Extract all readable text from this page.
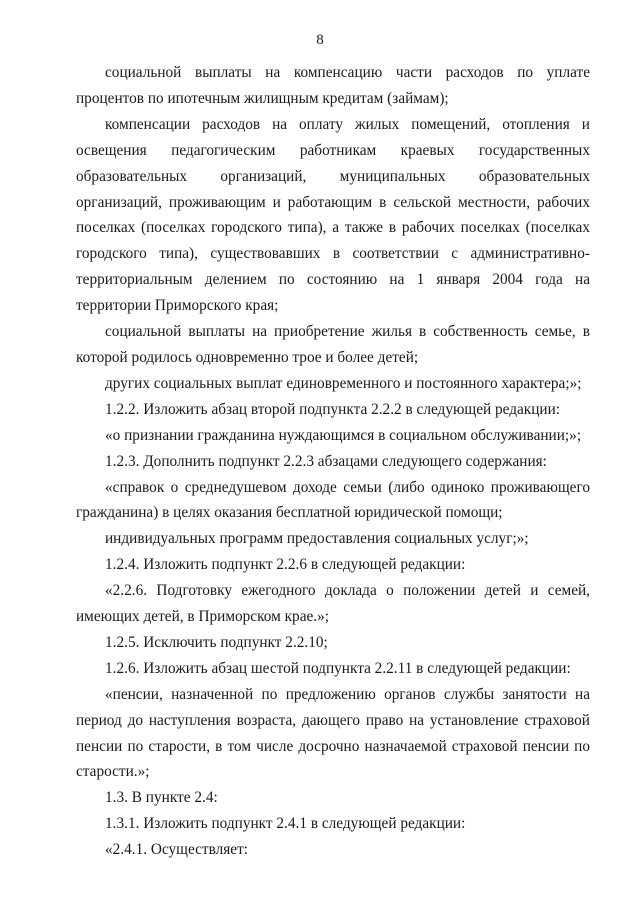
8

социальной выплаты на компенсацию части расходов по уплате процентов по ипотечным жилищным кредитам (займам);

компенсации расходов на оплату жилых помещений, отопления и освещения педагогическим работникам краевых государственных образовательных организаций, муниципальных образовательных организаций, проживающим и работающим в сельской местности, рабочих поселках (поселках городского типа), а также в рабочих поселках (поселках городского типа), существовавших в соответствии с административно-территориальным делением по состоянию на 1 января 2004 года на территории Приморского края;

социальной выплаты на приобретение жилья в собственность семье, в которой родилось одновременно трое и более детей;

других социальных выплат единовременного и постоянного характера;»;

1.2.2. Изложить абзац второй подпункта 2.2.2 в следующей редакции:

«о признании гражданина нуждающимся в социальном обслуживании;»;

1.2.3. Дополнить подпункт 2.2.3 абзацами следующего содержания:

«справок о среднедушевом доходе семьи (либо одиноко проживающего гражданина) в целях оказания бесплатной юридической помощи;

индивидуальных программ предоставления социальных услуг;»;

1.2.4. Изложить подпункт 2.2.6 в следующей редакции:

«2.2.6. Подготовку ежегодного доклада о положении детей и семей, имеющих детей, в Приморском крае.»;

1.2.5. Исключить подпункт 2.2.10;

1.2.6. Изложить абзац шестой подпункта 2.2.11 в следующей редакции:

«пенсии, назначенной по предложению органов службы занятости на период до наступления возраста, дающего право на установление страховой пенсии по старости, в том числе досрочно назначаемой страховой пенсии по старости.»;

1.3. В пункте 2.4:

1.3.1. Изложить подпункт 2.4.1 в следующей редакции:

«2.4.1. Осуществляет:
